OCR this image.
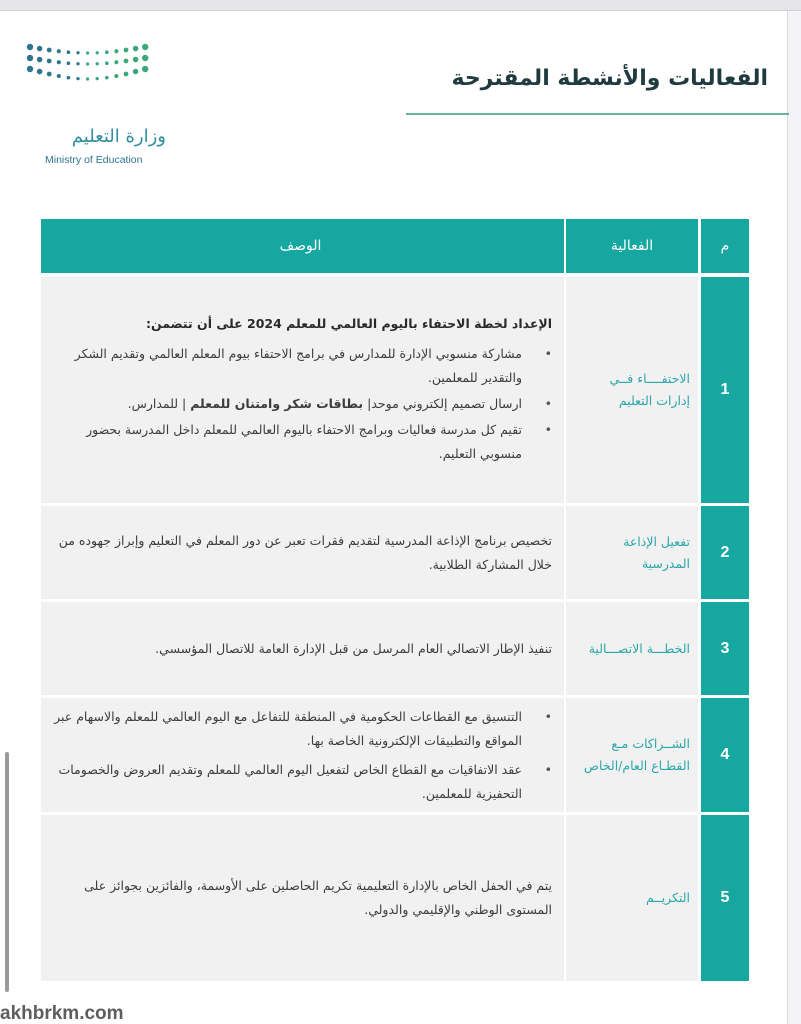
وزارة التعليم
Ministry of Education
الفعاليات والأنشطة المقترحة
م
الفعالية
الوصف
1
الاحتفــــاء فــي إدارات التعليم
الإعداد لخطة الاحتفاء باليوم العالمي للمعلم 2024 على أن تتضمن:
• مشاركة منسوبي الإدارة للمدارس في برامج الاحتفاء بيوم المعلم العالمي وتقديم الشكر والتقدير للمعلمين.
• ارسال تصميم إلكتروني موحد| بطاقات شكر وامتنان للمعلم | للمدارس.
• تقيم كل مدرسة فعاليات وبرامج الاحتفاء باليوم العالمي للمعلم داخل المدرسة بحضور منسوبي التعليم.
2
تفعيل الإذاعة المدرسية
تخصيص برنامج الإذاعة المدرسية لتقديم فقرات تعبر عن دور المعلم في التعليم وإبراز جهوده من خلال المشاركة الطلابية.
3
الخطـــة الاتصـــالية
تنفيذ الإطار الاتصالي العام المرسل من قبل الإدارة العامة للاتصال المؤسسي.
4
الشــراكات مـع القطـاع العام/الخاص
• التنسيق مع القطاعات الحكومية في المنطقة للتفاعل مع اليوم العالمي للمعلم والاسهام عبر المواقع والتطبيقات الإلكترونية الخاصة بها.
• عقد الاتفاقيات مع القطاع الخاص لتفعيل اليوم العالمي للمعلم وتقديم العروض والخصومات التحفيزية للمعلمين.
5
التكريــم
يتم في الحفل الخاص بالإدارة التعليمية تكريم الحاصلين على الأوسمة، والفائزين بجوائز على المستوى الوطني والإقليمي والدولي.
akhbrkm.com
